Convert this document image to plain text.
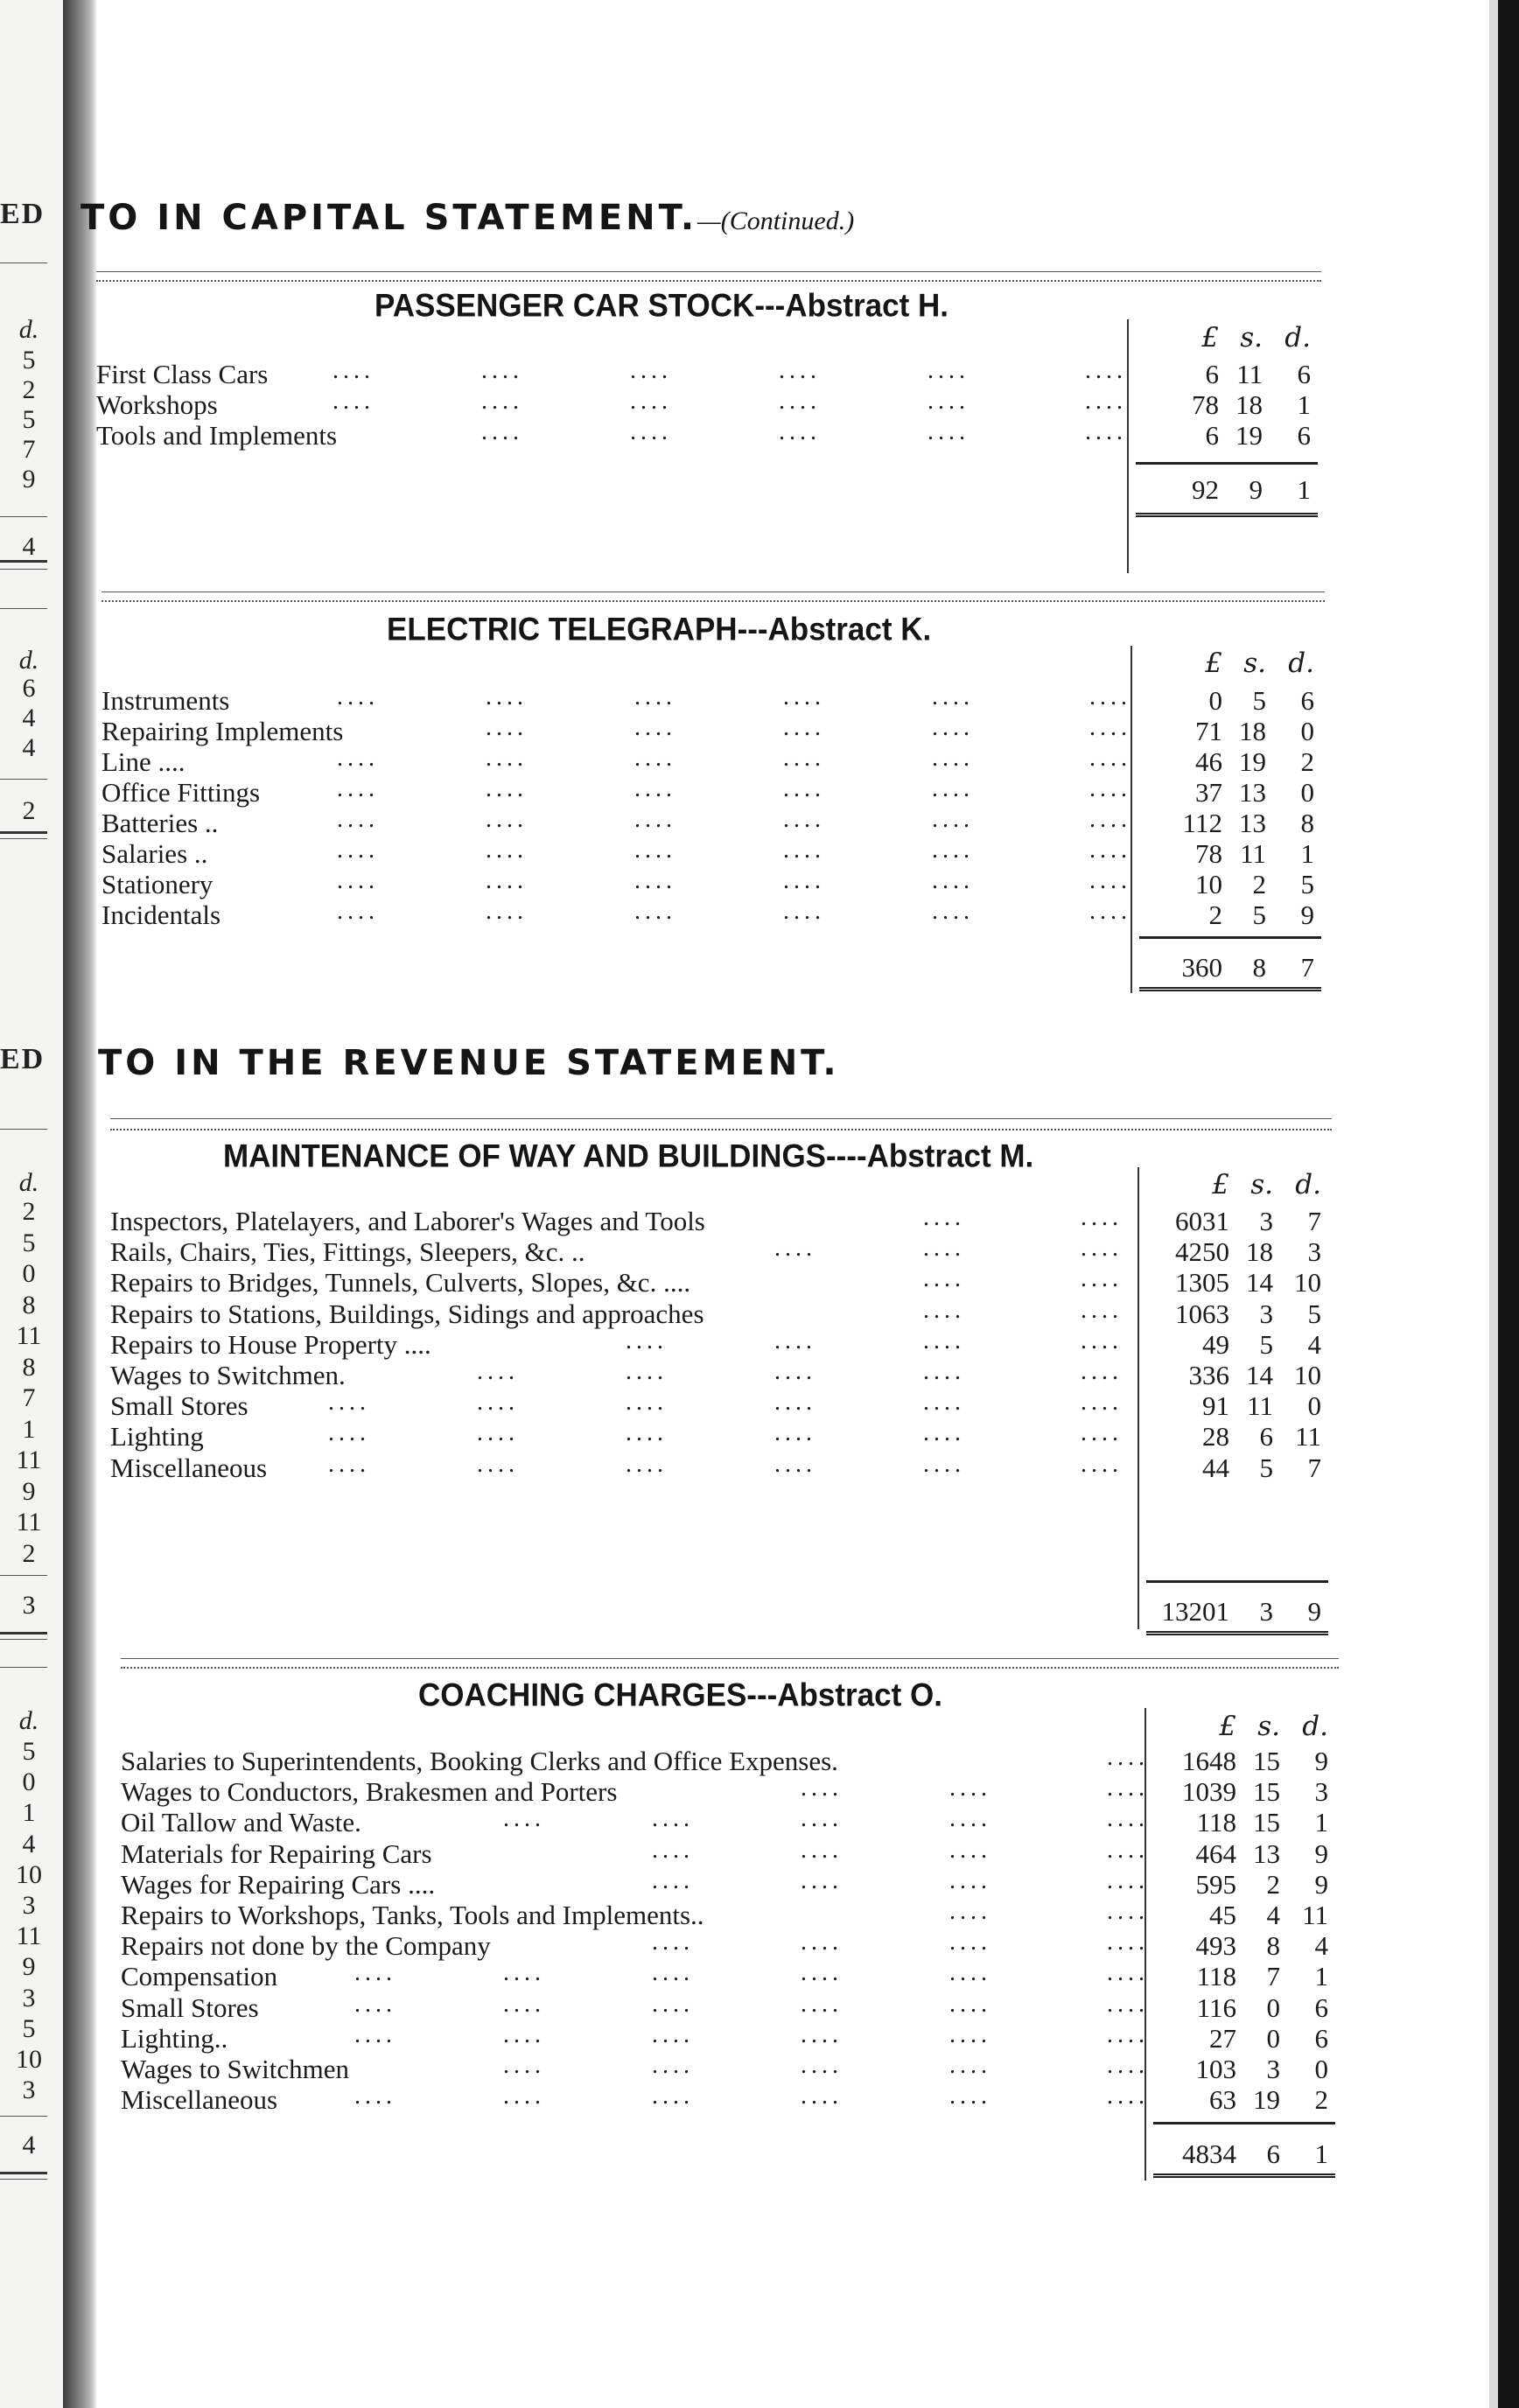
ED
ED
d.
5
2
5
7
9
4
d.
6
4
4
2
d.
2
5
0
8
11
8
7
1
11
9
11
2
3
d.
5
0
1
4
10
3
11
9
3
5
10
3
4
TO IN CAPITAL STATEMENT.—(Continued.)
TO IN THE REVENUE STATEMENT.
PASSENGER CAR STOCK---Abstract H.
£ s. d.
First Class Cars	....	....	....	....	....	....	6 11	6
Workshops	....	....	....	....	....	....	78 18	1
Tools and Implements	....	....	....	....	....	6 19	6
92	9	1
ELECTRIC TELEGRAPH---Abstract K.
£ s. d.
Instruments	....	....	....	....	....	....	0	5	6
Repairing Implements	....	....	....	....	....	71 18	0
Line ....	....	....	....	....	....	....	46 19	2
Office Fittings	....	....	....	....	....	....	37 13	0
Batteries ..	....	....	....	....	....	....	112 13	8
Salaries ..	....	....	....	....	....	....	78 11	1
Stationery	....	....	....	....	....	....	10	2	5
Incidentals	....	....	....	....	....	....	2	5	9
360	8	7
MAINTENANCE OF WAY AND BUILDINGS----Abstract M.
£ s. d.
Inspectors, Platelayers, and Laborer's Wages and Tools	....	....	6031	3	7
Rails, Chairs, Ties, Fittings, Sleepers, &c. ..	....	....	....	4250 18	3
Repairs to Bridges, Tunnels, Culverts, Slopes, &c. ....	....	....	1305 14 10
Repairs to Stations, Buildings, Sidings and approaches	....	....	1063	3	5
Repairs to House Property ....	....	....	....	....	49	5	4
Wages to Switchmen.	....	....	....	....	....	336 14 10
Small Stores	....	....	....	....	....	....	91 11	0
Lighting	....	....	....	....	....	....	28	6 11
Miscellaneous ....	....	....	....	....	....	44	5	7
13201	3	9
COACHING CHARGES---Abstract O.
£ s. d.
Salaries to Superintendents, Booking Clerks and Office Expenses.	....	1648 15	9
Wages to Conductors, Brakesmen and Porters	....	....	....	1039 15	3
Oil Tallow and Waste.	....	....	....	....	....	118 15	1
Materials for Repairing Cars	....	....	....	....	464 13	9
Wages for Repairing Cars ....	....	....	....	....	595	2	9
Repairs to Workshops, Tanks, Tools and Implements..	....	....	45	4 11
Repairs not done by the Company	....	....	....	....	493	8	4
Compensation	....	....	....	....	....	....	118	7	1
Small Stores	....	....	....	....	....	....	116	0	6
Lighting..	....	....	....	....	....	....	27	0	6
Wages to Switchmen	....	....	....	....	....	103	3	0
Miscellaneous	....	....	....	....	....	....	63 19	2
4834	6	1
